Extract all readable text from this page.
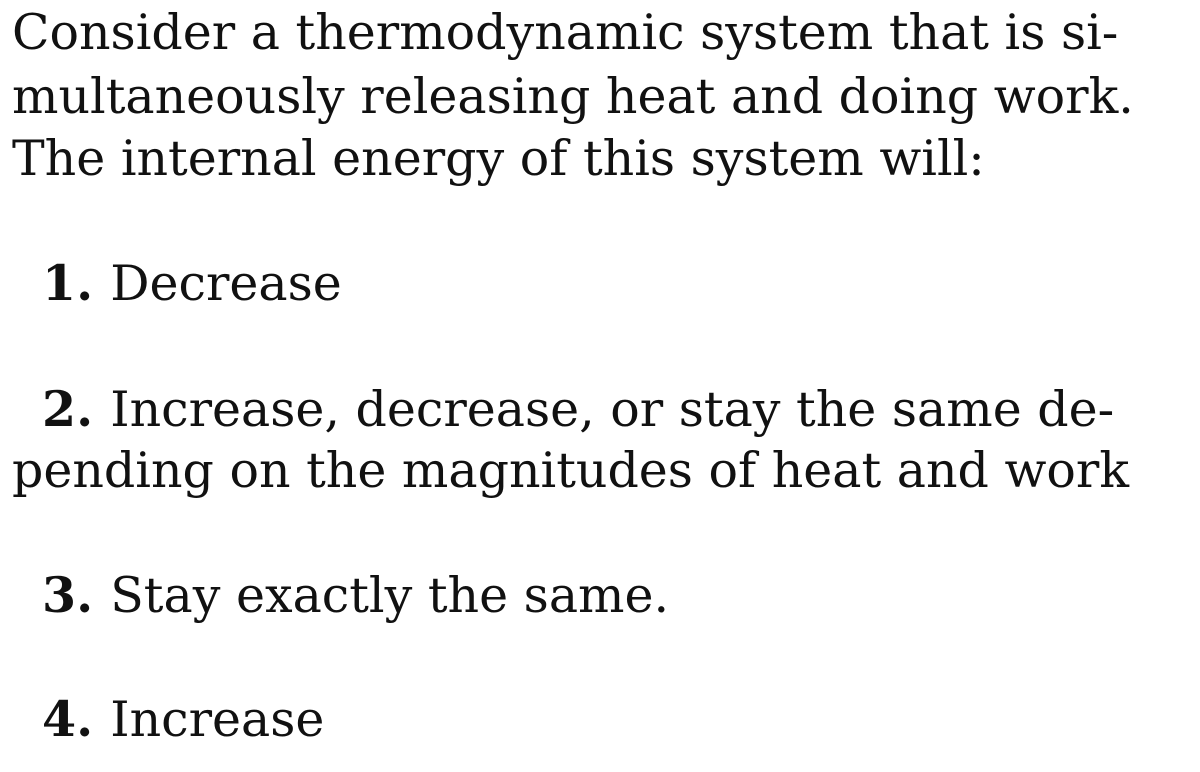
Consider a thermodynamic system that is si-
multaneously releasing heat and doing work.
The internal energy of this system will:
1. Decrease
2. Increase, decrease, or stay the same de-
pending on the magnitudes of heat and work
3. Stay exactly the same.
4. Increase
